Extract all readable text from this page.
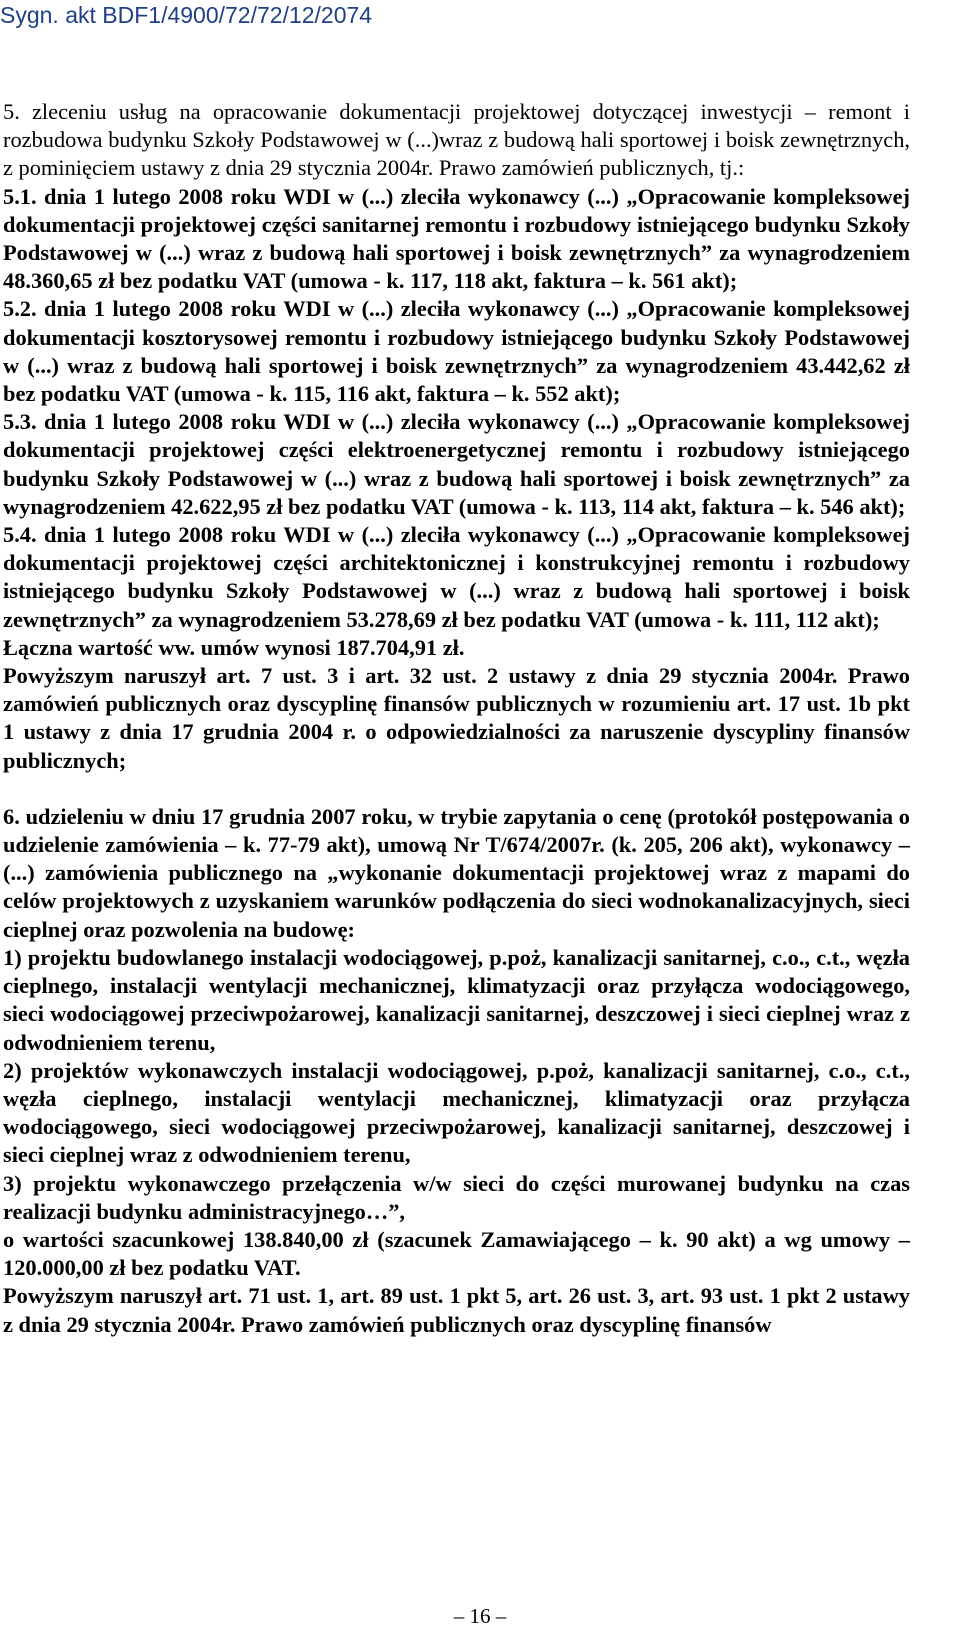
Sygn. akt BDF1/4900/72/72/12/2074

5. zleceniu usług na opracowanie dokumentacji projektowej dotyczącej inwestycji – remont i rozbudowa budynku Szkoły Podstawowej w (...)wraz z budową hali sportowej i boisk zewnętrznych, z pominięciem ustawy z dnia 29 stycznia 2004r. Prawo zamówień publicznych, tj.:

5.1. dnia 1 lutego 2008 roku WDI w (...) zleciła wykonawcy (...) „Opracowanie kompleksowej dokumentacji projektowej części sanitarnej remontu i rozbudowy istniejącego budynku Szkoły Podstawowej w (...) wraz z budową hali sportowej i boisk zewnętrznych” za wynagrodzeniem 48.360,65 zł bez podatku VAT (umowa - k. 117, 118 akt, faktura – k. 561 akt);

5.2. dnia 1 lutego 2008 roku WDI w (...) zleciła wykonawcy (...) „Opracowanie kompleksowej dokumentacji kosztorysowej remontu i rozbudowy istniejącego budynku Szkoły Podstawowej w (...) wraz z budową hali sportowej i boisk zewnętrznych” za wynagrodzeniem 43.442,62 zł bez podatku VAT (umowa - k. 115, 116 akt, faktura – k. 552 akt);

5.3. dnia 1 lutego 2008 roku WDI w (...) zleciła wykonawcy (...) „Opracowanie kompleksowej dokumentacji projektowej części elektroenergetycznej remontu i rozbudowy istniejącego budynku Szkoły Podstawowej w (...) wraz z budową hali sportowej i boisk zewnętrznych” za wynagrodzeniem 42.622,95 zł bez podatku VAT (umowa - k. 113, 114 akt, faktura – k. 546 akt);

5.4. dnia 1 lutego 2008 roku WDI w (...) zleciła wykonawcy (...) „Opracowanie kompleksowej dokumentacji projektowej części architektonicznej i konstrukcyjnej remontu i rozbudowy istniejącego budynku Szkoły Podstawowej w (...) wraz z budową hali sportowej i boisk zewnętrznych” za wynagrodzeniem 53.278,69 zł bez podatku VAT (umowa - k. 111, 112 akt);

Łączna wartość ww. umów wynosi 187.704,91 zł.

Powyższym naruszył art. 7 ust. 3 i art. 32 ust. 2 ustawy z dnia 29 stycznia 2004r. Prawo zamówień publicznych oraz dyscyplinę finansów publicznych w rozumieniu art. 17 ust. 1b pkt 1 ustawy z dnia 17 grudnia 2004 r. o odpowiedzialności za naruszenie dyscypliny finansów publicznych;

6. udzieleniu w dniu 17 grudnia 2007 roku, w trybie zapytania o cenę (protokół postępowania o udzielenie zamówienia – k. 77-79 akt), umową Nr T/674/2007r. (k. 205, 206 akt), wykonawcy – (...) zamówienia publicznego na „wykonanie dokumentacji projektowej wraz z mapami do celów projektowych z uzyskaniem warunków podłączenia do sieci wodnokanalizacyjnych, sieci cieplnej oraz pozwolenia na budowę:

1) projektu budowlanego instalacji wodociągowej, p.poż, kanalizacji sanitarnej, c.o., c.t., węzła cieplnego, instalacji wentylacji mechanicznej, klimatyzacji oraz przyłącza wodociągowego, sieci wodociągowej przeciwpożarowej, kanalizacji sanitarnej, deszczowej i sieci cieplnej wraz z odwodnieniem terenu,

2) projektów wykonawczych instalacji wodociągowej, p.poż, kanalizacji sanitarnej, c.o., c.t., węzła cieplnego, instalacji wentylacji mechanicznej, klimatyzacji oraz przyłącza wodociągowego, sieci wodociągowej przeciwpożarowej, kanalizacji sanitarnej, deszczowej i sieci cieplnej wraz z odwodnieniem terenu,

3) projektu wykonawczego przełączenia w/w sieci do części murowanej budynku na czas realizacji budynku administracyjnego…”,

o wartości szacunkowej 138.840,00 zł (szacunek Zamawiającego – k. 90 akt) a wg umowy – 120.000,00 zł bez podatku VAT.

Powyższym naruszył art. 71 ust. 1, art. 89 ust. 1 pkt 5, art. 26 ust. 3, art. 93 ust. 1 pkt 2 ustawy z dnia 29 stycznia 2004r. Prawo zamówień publicznych oraz dyscyplinę finansów

– 16 –
